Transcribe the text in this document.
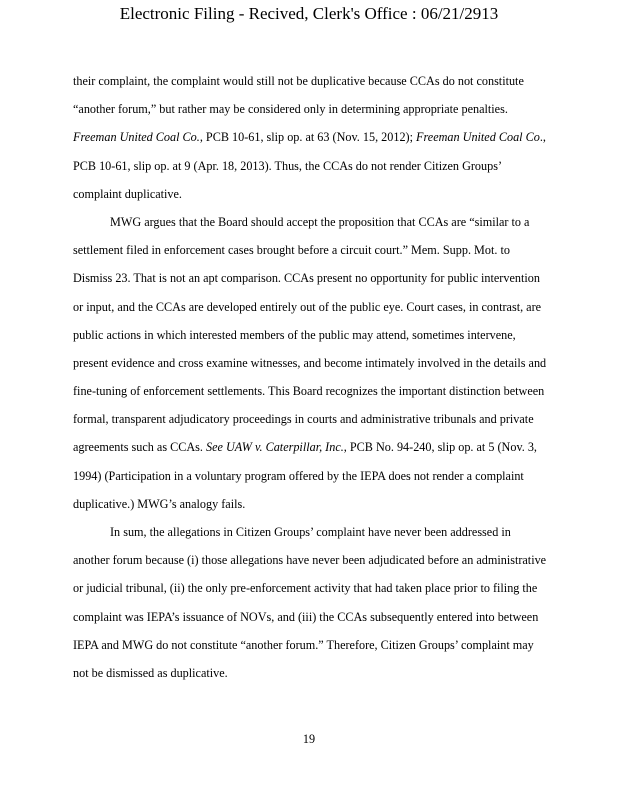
Electronic Filing - Recived, Clerk's Office : 06/21/2913
their complaint, the complaint would still not be duplicative because CCAs do not constitute
“another forum,” but rather may be considered only in determining appropriate penalties.
Freeman United Coal Co., PCB 10-61, slip op. at 63 (Nov. 15, 2012); Freeman United Coal Co.,
PCB 10-61, slip op. at 9 (Apr. 18, 2013). Thus, the CCAs do not render Citizen Groups’
complaint duplicative.
MWG argues that the Board should accept the proposition that CCAs are “similar to a
settlement filed in enforcement cases brought before a circuit court.” Mem. Supp. Mot. to
Dismiss 23. That is not an apt comparison. CCAs present no opportunity for public intervention
or input, and the CCAs are developed entirely out of the public eye. Court cases, in contrast, are
public actions in which interested members of the public may attend, sometimes intervene,
present evidence and cross examine witnesses, and become intimately involved in the details and
fine-tuning of enforcement settlements. This Board recognizes the important distinction between
formal, transparent adjudicatory proceedings in courts and administrative tribunals and private
agreements such as CCAs. See UAW v. Caterpillar, Inc., PCB No. 94-240, slip op. at 5 (Nov. 3,
1994) (Participation in a voluntary program offered by the IEPA does not render a complaint
duplicative.) MWG’s analogy fails.
In sum, the allegations in Citizen Groups’ complaint have never been addressed in
another forum because (i) those allegations have never been adjudicated before an administrative
or judicial tribunal, (ii) the only pre-enforcement activity that had taken place prior to filing the
complaint was IEPA’s issuance of NOVs, and (iii) the CCAs subsequently entered into between
IEPA and MWG do not constitute “another forum.” Therefore, Citizen Groups’ complaint may
not be dismissed as duplicative.
19
